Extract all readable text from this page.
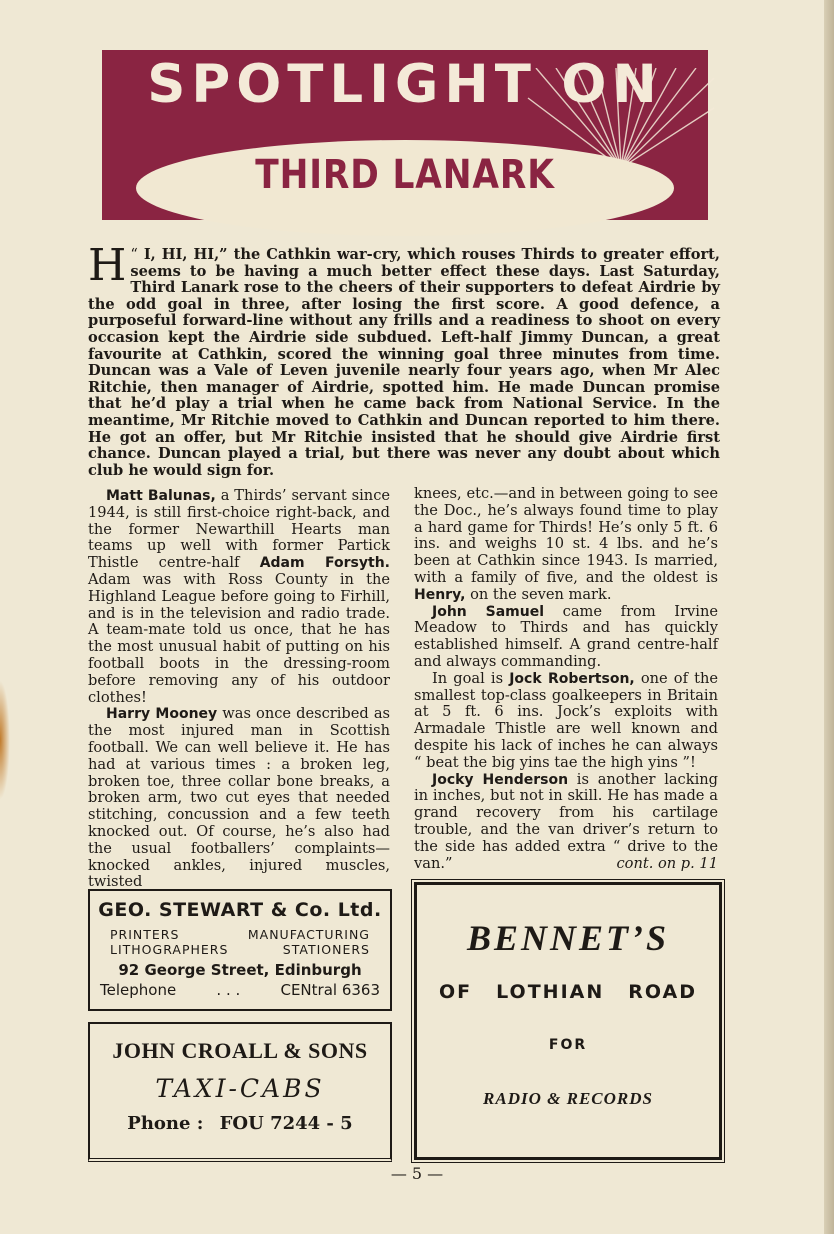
SPOTLIGHT ON
THIRD LANARK
“
H I, HI, HI,” the Cathkin war-cry, which rouses Thirds to greater effort, seems to be having a much better effect these days. Last Saturday, Third Lanark rose to the cheers of their supporters to defeat Airdrie by the odd goal in three, after losing the first score. A good defence, a purposeful forward-line without any frills and a readiness to shoot on every occasion kept the Airdrie side subdued. Left-half Jimmy Duncan, a great favourite at Cathkin, scored the winning goal three minutes from time. Duncan was a Vale of Leven juvenile nearly four years ago, when Mr Alec Ritchie, then manager of Airdrie, spotted him. He made Duncan promise that he’d play a trial when he came back from National Service. In the meantime, Mr Ritchie moved to Cathkin and Duncan reported to him there. He got an offer, but Mr Ritchie insisted that he should give Airdrie first chance. Duncan played a trial, but there was never any doubt about which club he would sign for.

Matt Balunas, a Thirds’ servant since 1944, is still first-choice right-back, and the former Newarthill Hearts man teams up well with former Partick Thistle centre-half Adam Forsyth. Adam was with Ross County in the Highland League before going to Firhill, and is in the television and radio trade. A team-mate told us once, that he has the most unusual habit of putting on his football boots in the dressing-room before removing any of his outdoor clothes!

Harry Mooney was once described as the most injured man in Scottish football. We can well believe it. He has had at various times : a broken leg, broken toe, three collar bone breaks, a broken arm, two cut eyes that needed stitching, concussion and a few teeth knocked out. Of course, he’s also had the usual footballers’ complaints—knocked ankles, injured muscles, twisted

knees, etc.—and in between going to see the Doc., he’s always found time to play a hard game for Thirds! He’s only 5 ft. 6 ins. and weighs 10 st. 4 lbs. and he’s been at Cathkin since 1943. Is married, with a family of five, and the oldest is Henry, on the seven mark.

John Samuel came from Irvine Meadow to Thirds and has quickly established himself. A grand centre-half and always commanding.

In goal is Jock Robertson, one of the smallest top-class goalkeepers in Britain at 5 ft. 6 ins. Jock’s exploits with Armadale Thistle are well known and despite his lack of inches he can always “ beat the big yins tae the high yins ”!

Jocky Henderson is another lacking in inches, but not in skill. He has made a grand recovery from his cartilage trouble, and the van driver’s return to the side has added extra “ drive to the van.”	cont. on p. 11

GEO. STEWART & Co. Ltd.
PRINTERS	MANUFACTURING
LITHOGRAPHERS	STATIONERS
92 George Street, Edinburgh
Telephone	. . .	CENtral 6363
JOHN CROALL & SONS
TAXI-CABS
Phone : FOU 7244 - 5
BENNET’S
OF LOTHIAN ROAD
FOR
RADIO & RECORDS
— 5 —
